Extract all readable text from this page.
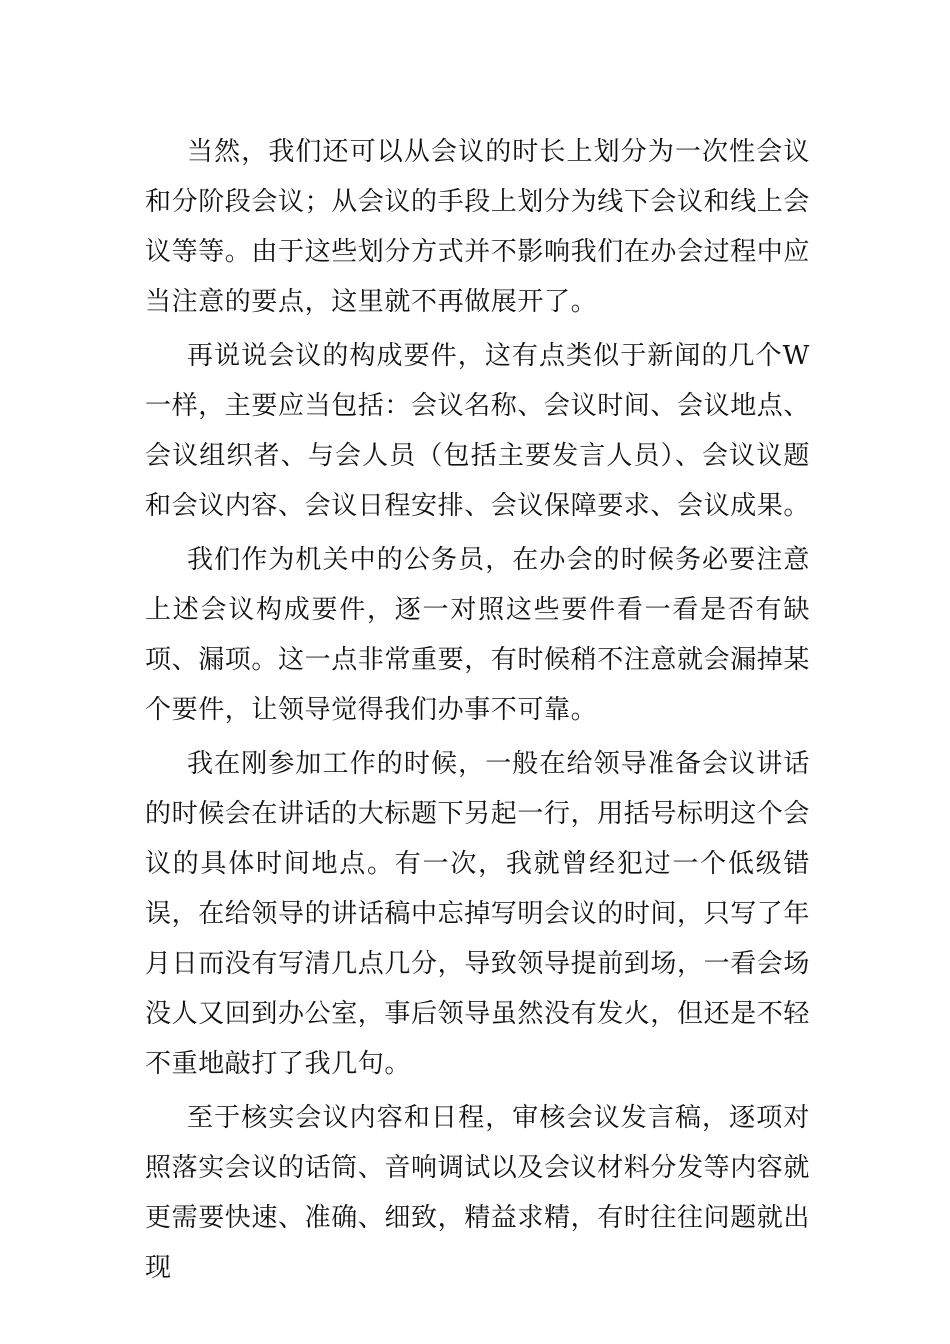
当然，我们还可以从会议的时长上划分为一次性会议和分阶段会议；从会议的手段上划分为线下会议和线上会议等等。由于这些划分方式并不影响我们在办会过程中应当注意的要点，这里就不再做展开了。

再说说会议的构成要件，这有点类似于新闻的几个W一样，主要应当包括：会议名称、会议时间、会议地点、会议组织者、与会人员（包括主要发言人员）、会议议题和会议内容、会议日程安排、会议保障要求、会议成果。

我们作为机关中的公务员，在办会的时候务必要注意上述会议构成要件，逐一对照这些要件看一看是否有缺项、漏项。这一点非常重要，有时候稍不注意就会漏掉某个要件，让领导觉得我们办事不可靠。

我在刚参加工作的时候，一般在给领导准备会议讲话的时候会在讲话的大标题下另起一行，用括号标明这个会议的具体时间地点。有一次，我就曾经犯过一个低级错误，在给领导的讲话稿中忘掉写明会议的时间，只写了年月日而没有写清几点几分，导致领导提前到场，一看会场没人又回到办公室，事后领导虽然没有发火，但还是不轻不重地敲打了我几句。

至于核实会议内容和日程，审核会议发言稿，逐项对照落实会议的话筒、音响调试以及会议材料分发等内容就更需要快速、准确、细致，精益求精，有时往往问题就出现
